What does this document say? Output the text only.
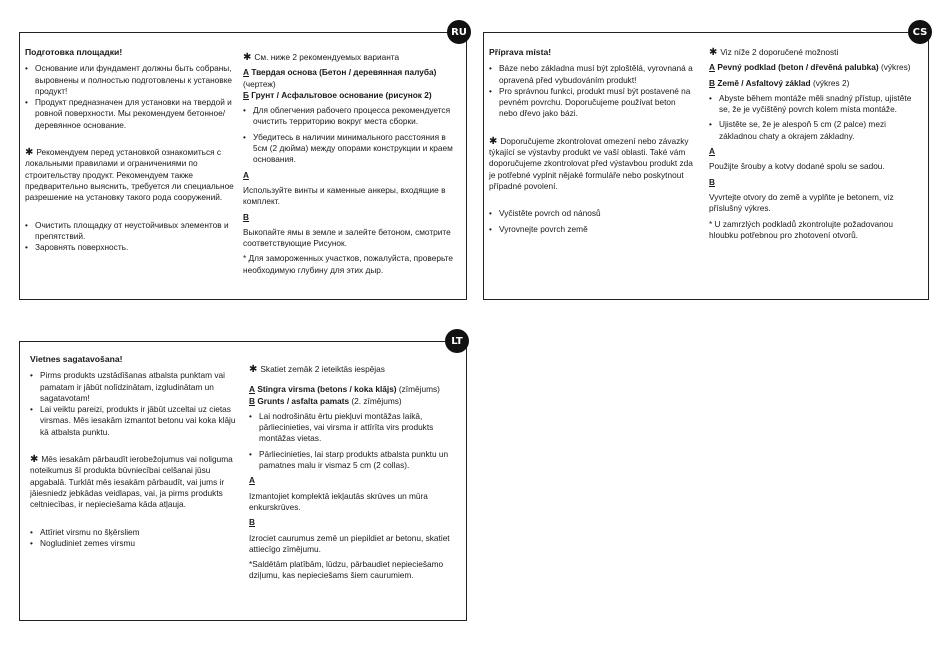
RU
Подготовка площадки!

• Основание или фундамент должны быть собраны, выровнены и полностью подготовлены к установке продукт!

• Продукт предназначен для установки на твердой и ровной поверхности. Мы рекомендуем бетонное/деревянное основание.

✱ Рекомендуем перед установкой ознакомиться с локальными правилами и ограничениями по строительству продукт. Рекомендуем также предварительно выяснить, требуется ли специальное разрешение на установку такого рода сооружений.

• Очистить площадку от неустойчивых элементов и препятствий.

• Заровнять поверхность.

✱ См. ниже 2 рекомендуемых варианта

A Твердая основа (Бетон / деревянная палуба) (чертеж)

Б Грунт / Асфальтовое основание (рисунок 2)

• Для облегчения рабочего процесса рекомендуется очистить территорию вокруг места сборки.

• Убедитесь в наличии минимального расстояния в 5см (2 дюйма) между опорами конструкции и краем основания.

A

Используйте винты и каменные анкеры, входящие в комплект.

B

Выкопайте ямы в земле и залейте бетоном, смотрите соответствующие Рисунок.

* Для замороженных участков, пожалуйста, проверьте необходимую глубину для этих дыр.

CS
Příprava místa!

• Báze nebo základna musí být zploštělá, vyrovnaná a opravená před vybudováním produkt!

• Pro správnou funkci, produkt musí být postavené na pevném povrchu. Doporučujeme používat beton nebo dřevo jako bázi.

✱ Doporučujeme zkontrolovat omezení nebo závazky týkající se výstavby produkt ve vaší oblasti. Také vám doporučujeme zkontrolovat před výstavbou produkt zda je potřebné vyplnit nějaké formuláře nebo poskytnout případné povolení.

• Vyčistěte povrch od nánosů

• Vyrovnejte povrch země

✱ Viz níže 2 doporučené možnosti

A Pevný podklad (beton / dřevěná palubka) (výkres)

B Země / Asfaltový základ (výkres 2)

• Abyste během montáže měli snadný přístup, ujistěte se, že je vyčištěný povrch kolem místa montáže.

• Ujistěte se, že je alespoň 5 cm (2 palce) mezi základnou chaty a okrajem základny.

A

Použijte šrouby a kotvy dodané spolu se sadou.

B

Vyvrtejte otvory do země a vyplňte je betonem, viz příslušný výkres.

* U zamrzlých podkladů zkontrolujte požadovanou hloubku potřebnou pro zhotovení otvorů.

LT
Vietnes sagatavošana!

• Pirms produkts uzstādīšanas atbalsta punktam vai pamatam ir jābūt nolīdzinātam, izgludinātam un sagatavotam!

• Lai veiktu pareizi, produkts ir jābūt uzceltai uz cietas virsmas. Mēs iesakām izmantot betonu vai koka klāju kā atbalsta punktu.

✱ Mēs iesakām pārbaudīt ierobežojumus vai noligumа noteikumus šī produkta būvniecībai celšanai jūsu apgabalā. Turklāt mēs iesakām pārbaudīt, vai jums ir jāiesniedz jebkādas veidlapas, vai, ja pirms produkts celtniecības, ir nepieciešama kāda atļauja.

• Attīriet virsmu no šķērsliem

• Nogludiniet zemes virsmu

✱ Skatiet zemāk 2 ieteiktās iespējas

A Stingra virsma (betons / koka klājs) (zīmējums)

B Grunts / asfalta pamats (2. zīmējums)

• Lai nodrošinātu ērtu piekļuvi montāžas laikā, pārliecinieties, vai virsma ir attīrīta virs produkts montāžas vietas.

• Pārliecinieties, lai starp produkts atbalsta punktu un pamatnes malu ir vismaz 5 cm (2 collas).

A

Izmantojiet komplektā iekļautās skrūves un mūra enkurskrūves.

B

Izrociet caurumus zemē un piepildiet ar betonu, skatiet attiecīgo zīmējumu.

*Saldētām platībām, lūdzu, pārbaudiet nepieciešamo dziļumu, kas nepieciešams šiem caurumiem.
